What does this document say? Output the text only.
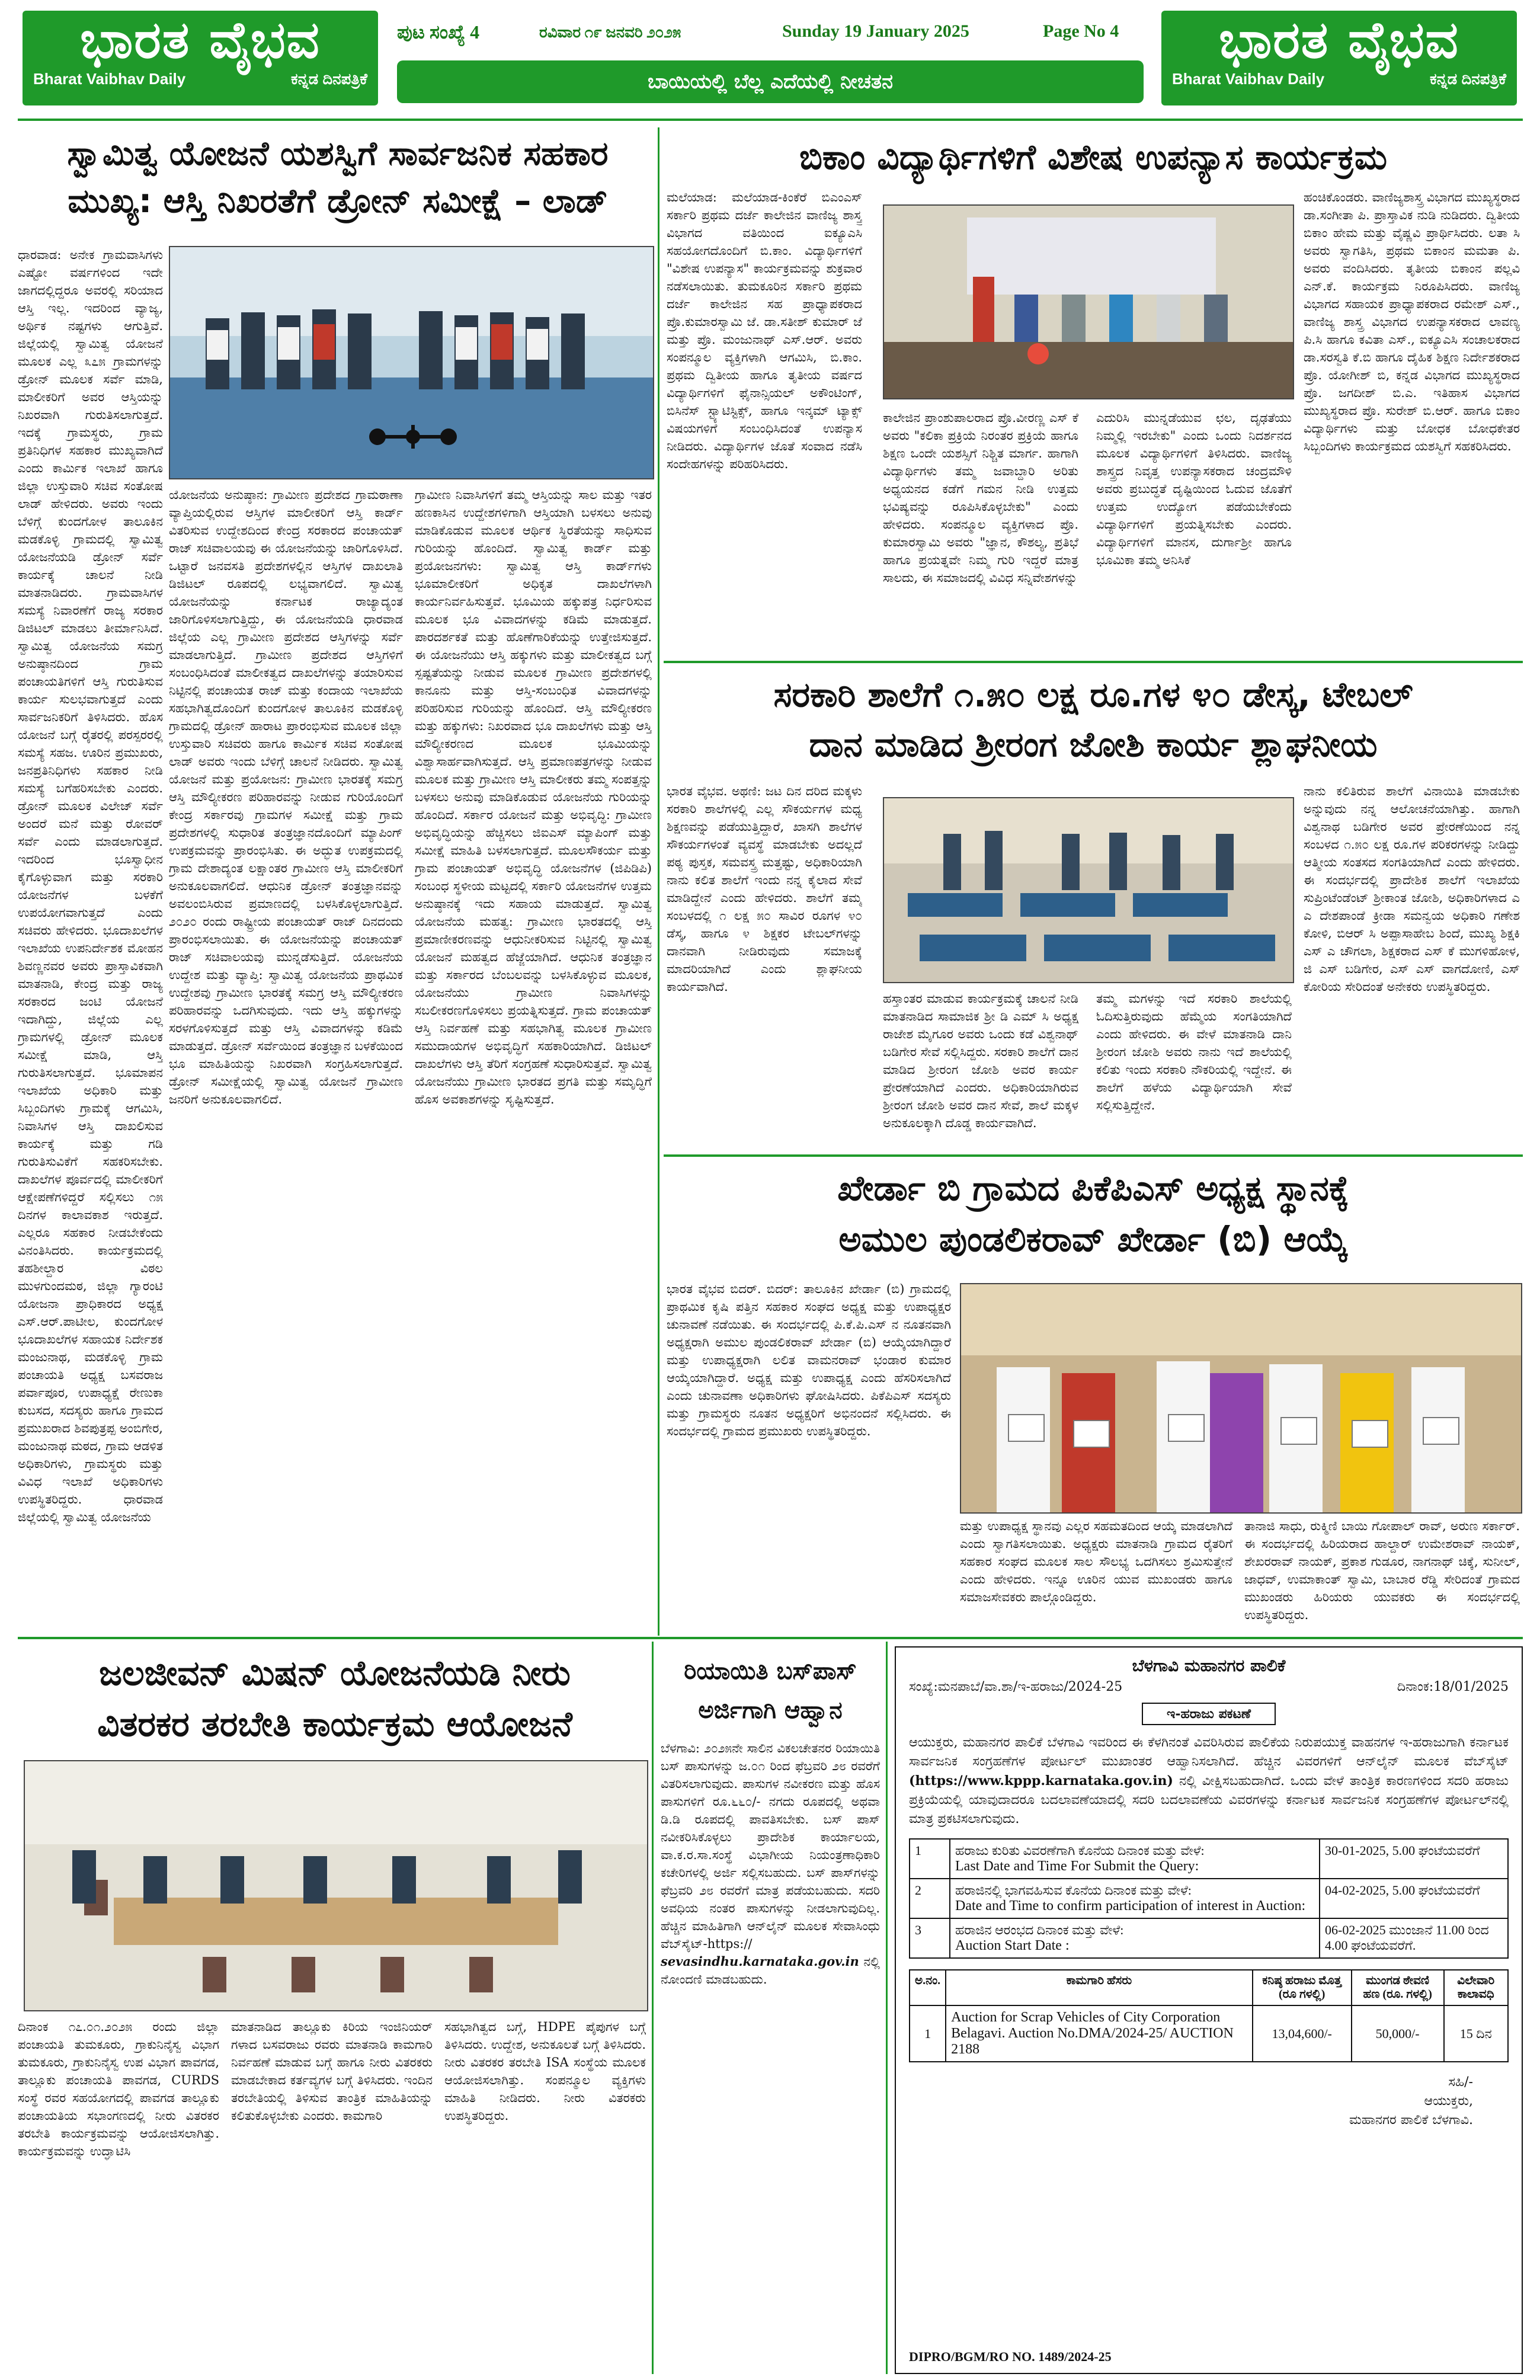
ಭಾರತ ವೈಭವ
Bharat Vaibhav Daily	ಕನ್ನಡ ದಿನಪತ್ರಿಕೆ
ಭಾರತ ವೈಭವ
Bharat Vaibhav Daily	ಕನ್ನಡ ದಿನಪತ್ರಿಕೆ
ಪುಟ ಸಂಖ್ಯೆ 4	ರವಿವಾರ ೧೯ ಜನವರಿ ೨೦೨೫	Sunday 19 January 2025	Page No 4
ಬಾಯಿಯಲ್ಲಿ ಬೆಲ್ಲ ಎದೆಯಲ್ಲಿ ನೀಚತನ
ಸ್ವಾಮಿತ್ವ ಯೋಜನೆ ಯಶಸ್ವಿಗೆ ಸಾರ್ವಜನಿಕ ಸಹಕಾರ
ಮುಖ್ಯ: ಆಸ್ತಿ ನಿಖರತೆಗೆ ಡ್ರೋನ್ ಸಮೀಕ್ಷೆ – ಲಾಡ್
ಧಾರವಾಡ: ಅನೇಕ ಗ್ರಾಮವಾಸಿಗಳು ಎಷ್ಟೋ ವರ್ಷಗಳಿಂದ ಇದೇ ಜಾಗದಲ್ಲಿದ್ದರೂ ಅವರಲ್ಲಿ ಸರಿಯಾದ ಆಸ್ತಿ ಇಲ್ಲ. ಇದರಿಂದ ವ್ಯಾಜ್ಯ, ಅರ್ಥಿಕ ನಷ್ಟಗಳು ಆಗುತ್ತಿವೆ. ಜಿಲ್ಲೆಯಲ್ಲಿ ಸ್ವಾಮಿತ್ವ ಯೋಜನೆ ಮೂಲಕ ಎಲ್ಲ ೩೭೫ ಗ್ರಾಮಗಳನ್ನು ಡ್ರೋನ್ ಮೂಲಕ ಸರ್ವೆ ಮಾಡಿ, ಮಾಲೀಕರಿಗೆ ಅವರ ಆಸ್ತಿಯನ್ನು ನಿಖರವಾಗಿ ಗುರುತಿಸಲಾಗುತ್ತದೆ. ಇದಕ್ಕೆ ಗ್ರಾಮಸ್ಥರು, ಗ್ರಾಮ ಪ್ರತಿನಿಧಿಗಳ ಸಹಕಾರ ಮುಖ್ಯವಾಗಿದೆ ಎಂದು ಕಾರ್ಮಿಕ ಇಲಾಖೆ ಹಾಗೂ ಜಿಲ್ಲಾ ಉಸ್ತುವಾರಿ ಸಚಿವ ಸಂತೋಷ ಲಾಡ್ ಹೇಳಿದರು. ಅವರು ಇಂದು ಬೆಳಿಗ್ಗೆ ಕುಂದಗೋಳ ತಾಲೂಕಿನ ಮಡಕೊಳ್ಳಿ ಗ್ರಾಮದಲ್ಲಿ ಸ್ವಾಮಿತ್ವ ಯೋಜನೆಯಡಿ ಡ್ರೋನ್ ಸರ್ವೆ ಕಾರ್ಯಕ್ಕೆ ಚಾಲನೆ ನೀಡಿ ಮಾತನಾಡಿದರು. ಗ್ರಾಮವಾಸಿಗಳ ಸಮಸ್ಯೆ ನಿವಾರಣೆಗೆ ರಾಜ್ಯ ಸರಕಾರ ಡಿಜಿಟಲ್ ಮಾಡಲು ತೀರ್ಮಾನಿಸಿದೆ. ಸ್ವಾಮಿತ್ವ ಯೋಜನೆಯ ಸಮಗ್ರ ಅನುಷ್ಠಾನದಿಂದ ಗ್ರಾಮ ಪಂಚಾಯತಿಗಳಿಗೆ ಆಸ್ತಿ ಗುರುತಿಸುವ ಕಾರ್ಯ ಸುಲಭವಾಗುತ್ತದೆ ಎಂದು ಸಾರ್ವಜನಿಕರಿಗೆ ತಿಳಿಸಿದರು. ಹೊಸ ಯೋಜನೆ ಬಗ್ಗೆ ರೈತರಲ್ಲಿ ಪರಸ್ಪರರಲ್ಲಿ ಸಮಸ್ಯೆ ಸಹಜ. ಊರಿನ ಪ್ರಮುಖರು, ಜನಪ್ರತಿನಿಧಿಗಳು ಸಹಕಾರ ನೀಡಿ ಸಮಸ್ಯೆ ಬಗೆಹರಿಸಬೇಕು ಎಂದರು. ಡ್ರೋನ್ ಮೂಲಕ ವಿಲೇಜ್ ಸರ್ವೆ ಅಂದರೆ ಮನೆ ಮತ್ತು ರೋವರ್ ಸರ್ವೆ ಎಂದು ಮಾಡಲಾಗುತ್ತದೆ. ಇದರಿಂದ ಭೂಸ್ವಾಧೀನ ಕೈಗೊಳ್ಳುವಾಗ ಮತ್ತು ಸರಕಾರಿ ಯೋಜನೆಗಳ ಬಳಕೆಗೆ ಉಪಯೋಗವಾಗುತ್ತದೆ ಎಂದು ಸಚಿವರು ಹೇಳಿದರು. ಭೂದಾಖಲೆಗಳ ಇಲಾಖೆಯ ಉಪನಿರ್ದೇಶಕ ಮೋಹನ ಶಿವಣ್ಣನವರ ಅವರು ಪ್ರಾಸ್ತಾವಿಕವಾಗಿ ಮಾತನಾಡಿ, ಕೇಂದ್ರ ಮತ್ತು ರಾಜ್ಯ ಸರಕಾರದ ಜಂಟಿ ಯೋಜನೆ ಇದಾಗಿದ್ದು, ಜಿಲ್ಲೆಯ ಎಲ್ಲ ಗ್ರಾಮಗಳಲ್ಲಿ ಡ್ರೋನ್ ಮೂಲಕ ಸಮೀಕ್ಷೆ ಮಾಡಿ, ಆಸ್ತಿ ಗುರುತಿಸಲಾಗುತ್ತದೆ. ಭೂಮಾಪನ ಇಲಾಖೆಯ ಅಧಿಕಾರಿ ಮತ್ತು ಸಿಬ್ಬಂದಿಗಳು ಗ್ರಾಮಕ್ಕೆ ಆಗಮಿಸಿ, ನಿವಾಸಿಗಳ ಆಸ್ತಿ ದಾಖಲಿಸುವ ಕಾರ್ಯಕ್ಕೆ ಮತ್ತು ಗಡಿ ಗುರುತಿಸುವಿಕೆಗೆ ಸಹಕರಿಸಬೇಕು. ದಾಖಲೆಗಳ ಪೂರ್ವದಲ್ಲಿ ಮಾಲೀಕರಿಗೆ ಆಕ್ಷೇಪಣೆಗಳಿದ್ದರೆ ಸಲ್ಲಿಸಲು ೧೫ ದಿನಗಳ ಕಾಲಾವಕಾಶ ಇರುತ್ತದೆ. ಎಲ್ಲರೂ ಸಹಕಾರ ನೀಡಬೇಕೆಂದು ವಿನಂತಿಸಿದರು. ಕಾರ್ಯಕ್ರಮದಲ್ಲಿ ತಹಶೀಲ್ದಾರ ವಿಠಲ ಮುಳಗುಂದಮಠ, ಜಿಲ್ಲಾ ಗ್ಯಾರಂಟಿ ಯೋಜನಾ ಪ್ರಾಧಿಕಾರದ ಅಧ್ಯಕ್ಷ ಎಸ್.ಆರ್.ಪಾಟೀಲ, ಕುಂದಗೋಳ ಭೂದಾಖಲೆಗಳ ಸಹಾಯಕ ನಿರ್ದೇಶಕ ಮಂಜುನಾಥ, ಮಡಕೊಳ್ಳಿ ಗ್ರಾಮ ಪಂಚಾಯತಿ ಅಧ್ಯಕ್ಷ ಬಸವರಾಜ ಪರ್ವಾಪೂರ, ಉಪಾಧ್ಯಕ್ಷೆ ರೇಣುಕಾ ಕುಬಸದ, ಸದಸ್ಯರು ಹಾಗೂ ಗ್ರಾಮದ ಪ್ರಮುಖರಾದ ಶಿವಪುತ್ರಪ್ಪ ಅಂಬಿಗೇರ, ಮಂಜುನಾಥ ಮಠದ, ಗ್ರಾಮ ಆಡಳಿತ ಅಧಿಕಾರಿಗಳು, ಗ್ರಾಮಸ್ಥರು ಮತ್ತು ವಿವಿಧ ಇಲಾಖೆ ಅಧಿಕಾರಿಗಳು ಉಪಸ್ಥಿತರಿದ್ದರು. ಧಾರವಾಡ ಜಿಲ್ಲೆಯಲ್ಲಿ ಸ್ವಾಮಿತ್ವ ಯೋಜನೆಯ
ಯೋಜನೆಯ ಅನುಷ್ಠಾನ: ಗ್ರಾಮೀಣ ಪ್ರದೇಶದ ಗ್ರಾಮಠಾಣಾ ವ್ಯಾಪ್ತಿಯಲ್ಲಿರುವ ಆಸ್ತಿಗಳ ಮಾಲೀಕರಿಗೆ ಆಸ್ತಿ ಕಾರ್ಡ್ ವಿತರಿಸುವ ಉದ್ದೇಶದಿಂದ ಕೇಂದ್ರ ಸರಕಾರದ ಪಂಚಾಯತ್ ರಾಜ್ ಸಚಿವಾಲಯವು ಈ ಯೋಜನೆಯನ್ನು ಜಾರಿಗೊಳಿಸಿದೆ. ಒಟ್ಟಾರೆ ಜನವಸತಿ ಪ್ರದೇಶಗಳಲ್ಲಿನ ಆಸ್ತಿಗಳ ದಾಖಲಾತಿ ಡಿಜಿಟಲ್ ರೂಪದಲ್ಲಿ ಲಭ್ಯವಾಗಲಿದೆ. ಸ್ವಾಮಿತ್ವ ಯೋಜನೆಯನ್ನು ಕರ್ನಾಟಕ ರಾಜ್ಯಾದ್ಯಂತ ಜಾರಿಗೊಳಿಸಲಾಗುತ್ತಿದ್ದು, ಈ ಯೋಜನೆಯಡಿ ಧಾರವಾಡ ಜಿಲ್ಲೆಯ ಎಲ್ಲ ಗ್ರಾಮೀಣ ಪ್ರದೇಶದ ಆಸ್ತಿಗಳನ್ನು ಸರ್ವೆ ಮಾಡಲಾಗುತ್ತಿದೆ. ಗ್ರಾಮೀಣ ಪ್ರದೇಶದ ಆಸ್ತಿಗಳಿಗೆ ಸಂಬಂಧಿಸಿದಂತೆ ಮಾಲೀಕತ್ವದ ದಾಖಲೆಗಳನ್ನು ತಯಾರಿಸುವ ನಿಟ್ಟಿನಲ್ಲಿ ಪಂಚಾಯತ ರಾಜ್ ಮತ್ತು ಕಂದಾಯ ಇಲಾಖೆಯ ಸಹಭಾಗಿತ್ವದೊಂದಿಗೆ ಕುಂದಗೋಳ ತಾಲೂಕಿನ ಮಡಕೊಳ್ಳಿ ಗ್ರಾಮದಲ್ಲಿ ಡ್ರೋನ್ ಹಾರಾಟ ಪ್ರಾರಂಭಿಸುವ ಮೂಲಕ ಜಿಲ್ಲಾ ಉಸ್ತುವಾರಿ ಸಚಿವರು ಹಾಗೂ ಕಾರ್ಮಿಕ ಸಚಿವ ಸಂತೋಷ ಲಾಡ್ ಅವರು ಇಂದು ಬೆಳಿಗ್ಗೆ ಚಾಲನೆ ನೀಡಿದರು. ಸ್ವಾಮಿತ್ವ ಯೋಜನೆ ಮತ್ತು ಪ್ರಯೋಜನ: ಗ್ರಾಮೀಣ ಭಾರತಕ್ಕೆ ಸಮಗ್ರ ಆಸ್ತಿ ಮೌಲ್ಯೀಕರಣ ಪರಿಹಾರವನ್ನು ನೀಡುವ ಗುರಿಯೊಂದಿಗೆ ಕೇಂದ್ರ ಸರ್ಕಾರವು ಗ್ರಾಮಗಳ ಸಮೀಕ್ಷೆ ಮತ್ತು ಗ್ರಾಮ ಪ್ರದೇಶಗಳಲ್ಲಿ ಸುಧಾರಿತ ತಂತ್ರಜ್ಞಾನದೊಂದಿಗೆ ಮ್ಯಾಪಿಂಗ್ ಉಪಕ್ರಮವನ್ನು ಪ್ರಾರಂಭಿಸಿತು. ಈ ಅದ್ಭುತ ಉಪಕ್ರಮದಲ್ಲಿ ಗ್ರಾಮ ದೇಶಾದ್ಯಂತ ಲಕ್ಷಾಂತರ ಗ್ರಾಮೀಣ ಆಸ್ತಿ ಮಾಲೀಕರಿಗೆ ಅನುಕೂಲವಾಗಲಿದೆ. ಆಧುನಿಕ ಡ್ರೋನ್ ತಂತ್ರಜ್ಞಾನವನ್ನು ಅವಲಂಬಿಸಿರುವ ಪ್ರಮಾಣದಲ್ಲಿ ಬಳಸಿಕೊಳ್ಳಲಾಗುತ್ತಿದೆ. ೨೦೨೦ ರಂದು ರಾಷ್ಟ್ರೀಯ ಪಂಚಾಯತ್ ರಾಜ್ ದಿನದಂದು ಪ್ರಾರಂಭಿಸಲಾಯಿತು. ಈ ಯೋಜನೆಯನ್ನು ಪಂಚಾಯತ್ ರಾಜ್ ಸಚಿವಾಲಯವು ಮುನ್ನಡೆಸುತ್ತಿದೆ. ಯೋಜನೆಯ ಉದ್ದೇಶ ಮತ್ತು ವ್ಯಾಪ್ತಿ: ಸ್ವಾಮಿತ್ವ ಯೋಜನೆಯ ಪ್ರಾಥಮಿಕ ಉದ್ದೇಶವು ಗ್ರಾಮೀಣ ಭಾರತಕ್ಕೆ ಸಮಗ್ರ ಆಸ್ತಿ ಮೌಲ್ಯೀಕರಣ ಪರಿಹಾರವನ್ನು ಒದಗಿಸುವುದು. ಇದು ಆಸ್ತಿ ಹಕ್ಕುಗಳನ್ನು ಸರಳಗೊಳಿಸುತ್ತದೆ ಮತ್ತು ಆಸ್ತಿ ವಿವಾದಗಳನ್ನು ಕಡಿಮೆ ಮಾಡುತ್ತದೆ. ಡ್ರೋನ್ ಸರ್ವೆಯಿಂದ ತಂತ್ರಜ್ಞಾನ ಬಳಕೆಯಿಂದ ಭೂ ಮಾಹಿತಿಯನ್ನು ನಿಖರವಾಗಿ ಸಂಗ್ರಹಿಸಲಾಗುತ್ತದೆ. ಡ್ರೋನ್ ಸಮೀಕ್ಷೆಯಲ್ಲಿ ಸ್ವಾಮಿತ್ವ ಯೋಜನೆ ಗ್ರಾಮೀಣ ಜನರಿಗೆ ಅನುಕೂಲವಾಗಲಿದೆ.
ಗ್ರಾಮೀಣ ನಿವಾಸಿಗಳಿಗೆ ತಮ್ಮ ಆಸ್ತಿಯನ್ನು ಸಾಲ ಮತ್ತು ಇತರ ಹಣಕಾಸಿನ ಉದ್ದೇಶಗಳಿಗಾಗಿ ಆಸ್ತಿಯಾಗಿ ಬಳಸಲು ಅನುವು ಮಾಡಿಕೊಡುವ ಮೂಲಕ ಆರ್ಥಿಕ ಸ್ಥಿರತೆಯನ್ನು ಸಾಧಿಸುವ ಗುರಿಯನ್ನು ಹೊಂದಿದೆ. ಸ್ವಾಮಿತ್ವ ಕಾರ್ಡ್ ಮತ್ತು ಪ್ರಯೋಜನಗಳು: ಸ್ವಾಮಿತ್ವ ಆಸ್ತಿ ಕಾರ್ಡ್‌ಗಳು ಭೂಮಾಲೀಕರಿಗೆ ಅಧಿಕೃತ ದಾಖಲೆಗಳಾಗಿ ಕಾರ್ಯನಿರ್ವಹಿಸುತ್ತವೆ. ಭೂಮಿಯ ಹಕ್ಕುಪತ್ರ ನಿರ್ಧರಿಸುವ ಮೂಲಕ ಭೂ ವಿವಾದಗಳನ್ನು ಕಡಿಮೆ ಮಾಡುತ್ತದೆ. ಪಾರದರ್ಶಕತೆ ಮತ್ತು ಹೊಣೆಗಾರಿಕೆಯನ್ನು ಉತ್ತೇಜಿಸುತ್ತದೆ. ಈ ಯೋಜನೆಯು ಆಸ್ತಿ ಹಕ್ಕುಗಳು ಮತ್ತು ಮಾಲೀಕತ್ವದ ಬಗ್ಗೆ ಸ್ಪಷ್ಟತೆಯನ್ನು ನೀಡುವ ಮೂಲಕ ಗ್ರಾಮೀಣ ಪ್ರದೇಶಗಳಲ್ಲಿ ಕಾನೂನು ಮತ್ತು ಆಸ್ತಿ-ಸಂಬಂಧಿತ ವಿವಾದಗಳನ್ನು ಪರಿಹರಿಸುವ ಗುರಿಯನ್ನು ಹೊಂದಿದೆ. ಆಸ್ತಿ ಮೌಲ್ಯೀಕರಣ ಮತ್ತು ಹಕ್ಕುಗಳು: ನಿಖರವಾದ ಭೂ ದಾಖಲೆಗಳು ಮತ್ತು ಆಸ್ತಿ ಮೌಲ್ಯೀಕರಣದ ಮೂಲಕ ಭೂಮಿಯನ್ನು ವಿಶ್ವಾಸಾರ್ಹವಾಗಿಸುತ್ತದೆ. ಆಸ್ತಿ ಪ್ರಮಾಣಪತ್ರಗಳನ್ನು ನೀಡುವ ಮೂಲಕ ಮತ್ತು ಗ್ರಾಮೀಣ ಆಸ್ತಿ ಮಾಲೀಕರು ತಮ್ಮ ಸಂಪತ್ತನ್ನು ಬಳಸಲು ಅನುವು ಮಾಡಿಕೊಡುವ ಯೋಜನೆಯ ಗುರಿಯನ್ನು ಹೊಂದಿದೆ. ಸರ್ಕಾರ ಯೋಜನೆ ಮತ್ತು ಅಭಿವೃದ್ಧಿ: ಗ್ರಾಮೀಣ ಅಭಿವೃದ್ಧಿಯನ್ನು ಹೆಚ್ಚಿಸಲು ಜಿಐಎಸ್ ಮ್ಯಾಪಿಂಗ್ ಮತ್ತು ಸಮೀಕ್ಷೆ ಮಾಹಿತಿ ಬಳಸಲಾಗುತ್ತದೆ. ಮೂಲಸೌಕರ್ಯ ಮತ್ತು ಗ್ರಾಮ ಪಂಚಾಯತ್ ಅಭಿವೃದ್ಧಿ ಯೋಜನೆಗಳ (ಜಿಪಿಡಿಪಿ) ಸಂಬಂಧ ಸ್ಥಳೀಯ ಮಟ್ಟದಲ್ಲಿ ಸರ್ಕಾರಿ ಯೋಜನೆಗಳ ಉತ್ತಮ ಅನುಷ್ಠಾನಕ್ಕೆ ಇದು ಸಹಾಯ ಮಾಡುತ್ತದೆ. ಸ್ವಾಮಿತ್ವ ಯೋಜನೆಯ ಮಹತ್ವ: ಗ್ರಾಮೀಣ ಭಾರತದಲ್ಲಿ ಆಸ್ತಿ ಪ್ರಮಾಣೀಕರಣವನ್ನು ಆಧುನೀಕರಿಸುವ ನಿಟ್ಟಿನಲ್ಲಿ ಸ್ವಾಮಿತ್ವ ಯೋಜನೆ ಮಹತ್ವದ ಹೆಜ್ಜೆಯಾಗಿದೆ. ಆಧುನಿಕ ತಂತ್ರಜ್ಞಾನ ಮತ್ತು ಸರ್ಕಾರದ ಬೆಂಬಲವನ್ನು ಬಳಸಿಕೊಳ್ಳುವ ಮೂಲಕ, ಯೋಜನೆಯು ಗ್ರಾಮೀಣ ನಿವಾಸಿಗಳನ್ನು ಸಬಲೀಕರಣಗೊಳಿಸಲು ಪ್ರಯತ್ನಿಸುತ್ತದೆ. ಗ್ರಾಮ ಪಂಚಾಯತ್ ಆಸ್ತಿ ನಿರ್ವಹಣೆ ಮತ್ತು ಸಹಭಾಗಿತ್ವ ಮೂಲಕ ಗ್ರಾಮೀಣ ಸಮುದಾಯಗಳ ಅಭಿವೃದ್ಧಿಗೆ ಸಹಕಾರಿಯಾಗಿದೆ. ಡಿಜಿಟಲ್ ದಾಖಲೆಗಳು ಆಸ್ತಿ ತೆರಿಗೆ ಸಂಗ್ರಹಣೆ ಸುಧಾರಿಸುತ್ತವೆ. ಸ್ವಾಮಿತ್ವ ಯೋಜನೆಯು ಗ್ರಾಮೀಣ ಭಾರತದ ಪ್ರಗತಿ ಮತ್ತು ಸಮೃದ್ಧಿಗೆ ಹೊಸ ಅವಕಾಶಗಳನ್ನು ಸೃಷ್ಟಿಸುತ್ತದೆ.
ಬಿಕಾಂ ವಿದ್ಯಾರ್ಥಿಗಳಿಗೆ ವಿಶೇಷ ಉಪನ್ಯಾಸ ಕಾರ್ಯಕ್ರಮ
ಮಲೆಯಾಡ: ಮಲೆಯಾಡ-ಕಿಂಕೆರೆ ಬಿಎಂಎಸ್ ಸರ್ಕಾರಿ ಪ್ರಥಮ ದರ್ಜೆ ಕಾಲೇಜಿನ ವಾಣಿಜ್ಯ ಶಾಸ್ತ್ರ ವಿಭಾಗದ ವತಿಯಿಂದ ಐಕ್ಯೂಎಸಿ ಸಹಯೋಗದೊಂದಿಗೆ ಬಿ.ಕಾಂ. ವಿದ್ಯಾರ್ಥಿಗಳಿಗೆ "ವಿಶೇಷ ಉಪನ್ಯಾಸ" ಕಾರ್ಯಕ್ರಮವನ್ನು ಶುಕ್ರವಾರ ನಡೆಸಲಾಯಿತು. ತುಮಕೂರಿನ ಸರ್ಕಾರಿ ಪ್ರಥಮ ದರ್ಜೆ ಕಾಲೇಜಿನ ಸಹ ಪ್ರಾಧ್ಯಾಪಕರಾದ ಪ್ರೊ.ಕುಮಾರಸ್ವಾಮಿ ಜೆ. ಡಾ.ಸತೀಶ್ ಕುಮಾರ್ ಜೆ ಮತ್ತು ಪ್ರೊ. ಮಂಜುನಾಥ್ ಎಸ್.ಆರ್. ಅವರು ಸಂಪನ್ಮೂಲ ವ್ಯಕ್ತಿಗಳಾಗಿ ಆಗಮಿಸಿ, ಬಿ.ಕಾಂ. ಪ್ರಥಮ ದ್ವಿತೀಯ ಹಾಗೂ ತೃತೀಯ ವರ್ಷದ ವಿದ್ಯಾರ್ಥಿಗಳಿಗೆ ಫೈನಾನ್ಸಿಯಲ್ ಅಕೌಂಟಿಂಗ್, ಬಿಸಿನೆಸ್ ಸ್ಟ್ಯಾಟಿಸ್ಟಿಕ್ಸ್, ಹಾಗೂ ಇನ್ಕಮ್ ಟ್ಯಾಕ್ಸ್ ವಿಷಯಗಳಿಗೆ ಸಂಬಂಧಿಸಿದಂತೆ ಉಪನ್ಯಾಸ ನೀಡಿದರು. ವಿದ್ಯಾರ್ಥಿಗಳ ಜೊತೆ ಸಂವಾದ ನಡೆಸಿ ಸಂದೇಹಗಳನ್ನು ಪರಿಹರಿಸಿದರು.
ಕಾಲೇಜಿನ ಪ್ರಾಂಶುಪಾಲರಾದ ಪ್ರೊ.ವೀರಣ್ಣ ಎಸ್ ಕೆ ಅವರು "ಕಲಿಕಾ ಪ್ರಕ್ರಿಯೆ ನಿರಂತರ ಪ್ರಕ್ರಿಯೆ ಹಾಗೂ ಶಿಕ್ಷಣ ಒಂದೇ ಯಶಸ್ಸಿಗೆ ನಿಶ್ಚಿತ ಮಾರ್ಗ. ಹಾಗಾಗಿ ವಿದ್ಯಾರ್ಥಿಗಳು ತಮ್ಮ ಜವಾಬ್ದಾರಿ ಅರಿತು ಅಧ್ಯಯನದ ಕಡೆಗೆ ಗಮನ ನೀಡಿ ಉತ್ತಮ ಭವಿಷ್ಯವನ್ನು ರೂಪಿಸಿಕೊಳ್ಳಬೇಕು" ಎಂದು ಹೇಳಿದರು. ಸಂಪನ್ಮೂಲ ವ್ಯಕ್ತಿಗಳಾದ ಪ್ರೊ. ಕುಮಾರಸ್ವಾಮಿ ಅವರು "ಜ್ಞಾನ, ಕೌಶಲ್ಯ, ಪ್ರತಿಭೆ ಹಾಗೂ ಪ್ರಯತ್ನವೇ ನಿಮ್ಮ ಗುರಿ ಇದ್ದರೆ ಮಾತ್ರ ಸಾಲದು, ಈ ಸಮಾಜದಲ್ಲಿ ವಿವಿಧ ಸನ್ನಿವೇಶಗಳನ್ನು
ಎದುರಿಸಿ ಮುನ್ನಡೆಯುವ ಛಲ, ದೃಢತೆಯು ನಿಮ್ಮಲ್ಲಿ ಇರಬೇಕು" ಎಂದು ಒಂದು ನಿದರ್ಶನದ ಮೂಲಕ ವಿದ್ಯಾರ್ಥಿಗಳಿಗೆ ತಿಳಿಸಿದರು. ವಾಣಿಜ್ಯ ಶಾಸ್ತ್ರದ ನಿವೃತ್ತ ಉಪನ್ಯಾಸಕರಾದ ಚಂದ್ರಮೌಳಿ ಅವರು ಪ್ರಬುದ್ಧತೆ ದೃಷ್ಟಿಯಿಂದ ಓದುವ ಜೊತೆಗೆ ಉತ್ತಮ ಉದ್ಯೋಗ ಪಡೆಯಬೇಕೆಂದು ವಿದ್ಯಾರ್ಥಿಗಳಿಗೆ ಪ್ರಯತ್ನಿಸಬೇಕು ಎಂದರು. ವಿದ್ಯಾರ್ಥಿಗಳಿಗೆ ಮಾನಸ, ದುರ್ಗಾಶ್ರೀ ಹಾಗೂ ಭೂಮಿಕಾ ತಮ್ಮ ಅನಿಸಿಕೆ
ಹಂಚಿಕೊಂಡರು. ವಾಣಿಜ್ಯಶಾಸ್ತ್ರ ವಿಭಾಗದ ಮುಖ್ಯಸ್ಥರಾದ ಡಾ.ಸಂಗೀತಾ ಪಿ. ಪ್ರಾಸ್ತಾವಿಕ ನುಡಿ ನುಡಿದರು. ದ್ವಿತೀಯ ಬಿಕಾಂ ಹೇಮ ಮತ್ತು ವೈಷ್ಣವಿ ಪ್ರಾರ್ಥಿಸಿದರು. ಲತಾ ಸಿ ಅವರು ಸ್ವಾಗತಿಸಿ, ಪ್ರಥಮ ಬಿಕಾಂನ ಮಮತಾ ಪಿ. ಅವರು ವಂದಿಸಿದರು. ತೃತೀಯ ಬಿಕಾಂನ ಪಲ್ಲವಿ ಎನ್.ಕೆ. ಕಾರ್ಯಕ್ರಮ ನಿರೂಪಿಸಿದರು. ವಾಣಿಜ್ಯ ವಿಭಾಗದ ಸಹಾಯಕ ಪ್ರಾಧ್ಯಾಪಕರಾದ ರಮೇಶ್ ಎಸ್., ವಾಣಿಜ್ಯ ಶಾಸ್ತ್ರ ವಿಭಾಗದ ಉಪನ್ಯಾಸಕರಾದ ಲಾವಣ್ಯ ಪಿ.ಸಿ ಹಾಗೂ ಕವಿತಾ ಎಸ್., ಐಕ್ಯೂಎಸಿ ಸಂಚಾಲಕರಾದ ಡಾ.ಸರಸ್ವತಿ ಕೆ.ಬಿ ಹಾಗೂ ದೈಹಿಕ ಶಿಕ್ಷಣ ನಿರ್ದೇಶಕರಾದ ಪ್ರೊ. ಯೋಗೀಶ್ ಬಿ, ಕನ್ನಡ ವಿಭಾಗದ ಮುಖ್ಯಸ್ಥರಾದ ಪ್ರೊ. ಜಗದೀಶ್ ಬಿ.ಎ. ಇತಿಹಾಸ ವಿಭಾಗದ ಮುಖ್ಯಸ್ಥರಾದ ಪ್ರೊ. ಸುರೇಶ್ ಬಿ.ಆರ್. ಹಾಗೂ ಬಿಕಾಂ ವಿದ್ಯಾರ್ಥಿಗಳು ಮತ್ತು ಬೋಧಕ ಬೋಧಕೇತರ ಸಿಬ್ಬಂದಿಗಳು ಕಾರ್ಯಕ್ರಮದ ಯಶಸ್ವಿಗೆ ಸಹಕರಿಸಿದರು.
ಸರಕಾರಿ ಶಾಲೆಗೆ ೧.೫೦ ಲಕ್ಷ ರೂ.ಗಳ ೪೦ ಡೇಸ್ಕ, ಟೇಬಲ್
ದಾನ ಮಾಡಿದ ಶ್ರೀರಂಗ ಜೋಶಿ ಕಾರ್ಯ ಶ್ಲಾಘನೀಯ
ಭಾರತ ವೈಭವ. ಅಥಣಿ: ಜಟ ದಿನ ದರಿದ ಮಕ್ಕಳು ಸರಕಾರಿ ಶಾಲೆಗಳಲ್ಲಿ ಎಲ್ಲ ಸೌಕರ್ಯಗಳ ಮಧ್ಯ ಶಿಕ್ಷಣವನ್ನು ಪಡೆಯುತ್ತಿದ್ದಾರೆ, ಖಾಸಗಿ ಶಾಲೆಗಳ ಸೌಕರ್ಯಗಳಂತೆ ವ್ಯವಸ್ಥೆ ಮಾಡಬೇಕು ಅದಲ್ಲದೆ ಪಠ್ಯ ಪುಸ್ತಕ, ಸಮವಸ್ತ್ರ ಮತ್ತಷ್ಟು, ಅಧಿಕಾರಿಯಾಗಿ ನಾನು ಕಲಿತ ಶಾಲೆಗೆ ಇಂದು ನನ್ನ ಕೈಲಾದ ಸೇವೆ ಮಾಡಿದ್ದೇನೆ ಎಂದು ಹೇಳಿದರು. ಶಾಲೆಗೆ ತಮ್ಮ ಸಂಬಳದಲ್ಲಿ ೧ ಲಕ್ಷ ೫೦ ಸಾವಿರ ರೂಗಳ ೪೦ ಡೆಸ್ಕ, ಹಾಗೂ ೪ ಶಿಕ್ಷಕರ ಟೇಬಲ್‌ಗಳನ್ನು ದಾನವಾಗಿ ನೀಡಿರುವುದು ಸಮಾಜಕ್ಕೆ ಮಾದರಿಯಾಗಿದೆ ಎಂದು ಶ್ಲಾಘನೀಯ ಕಾರ್ಯವಾಗಿದೆ.
ಹಸ್ತಾಂತರ ಮಾಡುವ ಕಾರ್ಯಕ್ರಮಕ್ಕೆ ಚಾಲನೆ ನೀಡಿ ಮಾತನಾಡಿದ ಸಾಮಾಜಿಕ ಶ್ರೀ ಡಿ ಎಮ್ ಸಿ ಅಧ್ಯಕ್ಷ ರಾಜೇಶ ಮೈಗೂರ ಅವರು ಒಂದು ಕಡೆ ವಿಶ್ವನಾಥ್ ಬಡಿಗೇರ ಸೇವೆ ಸಲ್ಲಿಸಿದ್ದರು. ಸರಕಾರಿ ಶಾಲೆಗೆ ದಾನ ಮಾಡಿದ ಶ್ರೀರಂಗ ಜೋಶಿ ಅವರ ಕಾರ್ಯ ಪ್ರೇರಣೆಯಾಗಿದೆ ಎಂದರು. ಅಧಿಕಾರಿಯಾಗಿರುವ ಶ್ರೀರಂಗ ಜೋಶಿ ಅವರ ದಾನ ಸೇವೆ, ಶಾಲೆ ಮಕ್ಕಳ ಅನುಕೂಲಕ್ಕಾಗಿ ದೊಡ್ಡ ಕಾರ್ಯವಾಗಿದೆ.
ತಮ್ಮ ಮಗಳನ್ನು ಇದೆ ಸರಕಾರಿ ಶಾಲೆಯಲ್ಲಿ ಓದಿಸುತ್ತಿರುವುದು ಹೆಮ್ಮೆಯ ಸಂಗತಿಯಾಗಿದೆ ಎಂದು ಹೇಳಿದರು. ಈ ವೇಳೆ ಮಾತನಾಡಿ ದಾನಿ ಶ್ರೀರಂಗ ಜೋಶಿ ಅವರು ನಾನು ಇದೆ ಶಾಲೆಯಲ್ಲಿ ಕಲಿತು ಇಂದು ಸರಕಾರಿ ನೌಕರಿಯಲ್ಲಿ ಇದ್ದೇನೆ. ಈ ಶಾಲೆಗೆ ಹಳೆಯ ವಿದ್ಯಾರ್ಥಿಯಾಗಿ ಸೇವೆ ಸಲ್ಲಿಸುತ್ತಿದ್ದೇನೆ.
ನಾನು ಕಲಿತಿರುವ ಶಾಲೆಗೆ ವಿನಾಯಿತಿ ಮಾಡಬೇಕು ಅನ್ನುವುದು ನನ್ನ ಆಲೋಚನೆಯಾಗಿತ್ತು. ಹಾಗಾಗಿ ವಿಶ್ವನಾಥ ಬಡಿಗೇರ ಅವರ ಪ್ರೇರಣೆಯಿಂದ ನನ್ನ ಸಂಬಳದ ೧.೫೦ ಲಕ್ಷ ರೂ.ಗಳ ಪರಿಕರಗಳನ್ನು ನೀಡಿದ್ದು ಆತ್ಮೀಯ ಸಂತಸದ ಸಂಗತಿಯಾಗಿದೆ ಎಂದು ಹೇಳಿದರು. ಈ ಸಂದರ್ಭದಲ್ಲಿ ಪ್ರಾದೇಶಿಕ ಶಾಲೆಗೆ ಇಲಾಖೆಯ ಸುಪ್ರಿಂಟೆಂಡೆಂಟ್ ಶ್ರೀಕಾಂತ ಜೋಶಿ, ಅಧಿಕಾರಿಗಳಾದ ಎ ಎ ದೇಶಪಾಂಡೆ ಕ್ರೀಡಾ ಸಮನ್ವಯ ಅಧಿಕಾರಿ ಗಣೇಶ ಕೋಳಿ, ಬಿಆರ್ ಸಿ ಅಪ್ಪಾಸಾಹೇಬ ಶಿಂದೆ, ಮುಖ್ಯ ಶಿಕ್ಷಕಿ ಎಸ್ ಎ ಚೌಗಲಾ, ಶಿಕ್ಷಕರಾದ ಎಸ್ ಕೆ ಮುಗಳಿಹೋಳ, ಜಿ ಎಸ್ ಬಡಿಗೇರ, ಎಸ್ ಎಸ್ ವಾಗದೋಣಿ, ಎಸ್ ಕೋರಿಯ ಸೇರಿದಂತೆ ಅನೇಕರು ಉಪಸ್ಥಿತರಿದ್ದರು.
ಖೇರ್ಡಾ ಬಿ ಗ್ರಾಮದ ಪಿಕೆಪಿಎಸ್ ಅಧ್ಯಕ್ಷ ಸ್ಥಾನಕ್ಕೆ
ಅಮುಲ ಪುಂಡಲಿಕರಾವ್ ಖೇರ್ಡಾ (ಬಿ) ಆಯ್ಕೆ
ಭಾರತ ವೈಭವ ಬಿದರ್. ಬಿದರ್: ತಾಲೂಕಿನ ಖೇರ್ಡಾ (ಬಿ) ಗ್ರಾಮದಲ್ಲಿ ಪ್ರಾಥಮಿಕ ಕೃಷಿ ಪತ್ತಿನ ಸಹಕಾರ ಸಂಘದ ಅಧ್ಯಕ್ಷ ಮತ್ತು ಉಪಾಧ್ಯಕ್ಷರ ಚುನಾವಣೆ ನಡೆಯಿತು. ಈ ಸಂದರ್ಭದಲ್ಲಿ ಪಿ.ಕೆ.ಪಿ.ಎಸ್ ನ ನೂತನವಾಗಿ ಅಧ್ಯಕ್ಷರಾಗಿ ಅಮುಲ ಪುಂಡಲಿಕರಾವ್ ಖೇರ್ಡಾ (ಬಿ) ಆಯ್ಕೆಯಾಗಿದ್ದಾರೆ ಮತ್ತು ಉಪಾಧ್ಯಕ್ಷರಾಗಿ ಲಲಿತ ವಾಮನರಾವ್ ಭಂಡಾರ ಕುಮಾರ ಆಯ್ಕೆಯಾಗಿದ್ದಾರೆ. ಅಧ್ಯಕ್ಷ ಮತ್ತು ಉಪಾಧ್ಯಕ್ಷ ಎಂದು ಹೆಸರಿಸಲಾಗಿದೆ ಎಂದು ಚುನಾವಣಾ ಅಧಿಕಾರಿಗಳು ಘೋಷಿಸಿದರು. ಪಿಕೆಪಿಎಸ್ ಸದಸ್ಯರು ಮತ್ತು ಗ್ರಾಮಸ್ಥರು ನೂತನ ಅಧ್ಯಕ್ಷರಿಗೆ ಅಭಿನಂದನೆ ಸಲ್ಲಿಸಿದರು. ಈ ಸಂದರ್ಭದಲ್ಲಿ ಗ್ರಾಮದ ಪ್ರಮುಖರು ಉಪಸ್ಥಿತರಿದ್ದರು.
ಮತ್ತು ಉಪಾಧ್ಯಕ್ಷ ಸ್ಥಾನವು ಎಲ್ಲರ ಸಹಮತದಿಂದ ಆಯ್ಕೆ ಮಾಡಲಾಗಿದೆ ಎಂದು ಸ್ವಾಗತಿಸಲಾಯಿತು. ಅಧ್ಯಕ್ಷರು ಮಾತನಾಡಿ ಗ್ರಾಮದ ರೈತರಿಗೆ ಸಹಕಾರ ಸಂಘದ ಮೂಲಕ ಸಾಲ ಸೌಲಭ್ಯ ಒದಗಿಸಲು ಶ್ರಮಿಸುತ್ತೇನೆ ಎಂದು ಹೇಳಿದರು. ಇನ್ನೂ ಊರಿನ ಯುವ ಮುಖಂಡರು ಹಾಗೂ ಸಮಾಜಸೇವಕರು ಪಾಲ್ಗೊಂಡಿದ್ದರು.
ತಾನಾಜಿ ಸಾಧು, ರುಕ್ಮಿಣಿ ಬಾಯಿ ಗೋಪಾಲ್ ರಾವ್, ಅರುಣ ಸರ್ಕಾರ್. ಈ ಸಂದರ್ಭದಲ್ಲಿ ಹಿರಿಯರಾದ ಹಾಲ್ದಾರ್ ಉಮೇಶರಾವ್ ನಾಯಕ್, ಶೇಖರರಾವ್ ನಾಯಕ್, ಪ್ರಕಾಶ ಗುಡೂರ, ನಾಗನಾಥ್ ಚಿಕ್ಕೆ, ಸುನೀಲ್, ಜಾಧವ್, ಉಮಾಕಾಂತ್ ಸ್ವಾಮಿ, ಬಾಬಾರ ರೆಡ್ಡಿ ಸೇರಿದಂತೆ ಗ್ರಾಮದ ಮುಖಂಡರು ಹಿರಿಯರು ಯುವಕರು ಈ ಸಂದರ್ಭದಲ್ಲಿ ಉಪಸ್ಥಿತರಿದ್ದರು.
ಜಲಜೀವನ್ ಮಿಷನ್ ಯೋಜನೆಯಡಿ ನೀರು
ವಿತರಕರ ತರಬೇತಿ ಕಾರ್ಯಕ್ರಮ ಆಯೋಜನೆ
ದಿನಾಂಕ ೧೭.೦೧.೨೦೨೫ ರಂದು ಜಿಲ್ಲಾ ಪಂಚಾಯತಿ ತುಮಕೂರು, ಗ್ರಾಕುನಿನೈಸ್ವ ವಿಭಾಗ ತುಮಕೂರು, ಗ್ರಾಕುನಿನೈಸ್ವ ಉಪ ವಿಭಾಗ ಪಾವಗಡ, ತಾಲ್ಲೂಕು ಪಂಚಾಯತಿ ಪಾವಗಡ, CURDS ಸಂಸ್ಥೆ ರವರ ಸಹಯೋಗದಲ್ಲಿ ಪಾವಗಡ ತಾಲ್ಲೂಕು ಪಂಚಾಯತಿಯ ಸಭಾಂಗಣದಲ್ಲಿ ನೀರು ವಿತರಕರ ತರಬೇತಿ ಕಾರ್ಯಕ್ರಮವನ್ನು ಆಯೋಜಿಸಲಾಗಿತ್ತು. ಕಾರ್ಯಕ್ರಮವನ್ನು ಉದ್ಘಾಟಿಸಿ
ಮಾತನಾಡಿದ ತಾಲ್ಲೂಕು ಕಿರಿಯ ಇಂಜಿನಿಯರ್ ಗಳಾದ ಬಸವರಾಜು ರವರು ಮಾತನಾಡಿ ಕಾಮಗಾರಿ ನಿರ್ವಹಣೆ ಮಾಡುವ ಬಗ್ಗೆ ಹಾಗೂ ನೀರು ವಿತರಕರು ಮಾಡಬೇಕಾದ ಕರ್ತವ್ಯಗಳ ಬಗ್ಗೆ ತಿಳಿಸಿದರು. ಇಂದಿನ ತರಬೇತಿಯಲ್ಲಿ ತಿಳಿಸುವ ತಾಂತ್ರಿಕ ಮಾಹಿತಿಯನ್ನು ಕಲಿತುಕೊಳ್ಳಬೇಕು ಎಂದರು. ಕಾಮಗಾರಿ
ಸಹಭಾಗಿತ್ವದ ಬಗ್ಗೆ, HDPE ಪೈಪುಗಳ ಬಗ್ಗೆ ತಿಳಿಸಿದರು. ಉದ್ದೇಶ, ಅನುಕೂಲತೆ ಬಗ್ಗೆ ತಿಳಿಸಿದರು. ನೀರು ವಿತರಕರ ತರಬೇತಿ ISA ಸಂಸ್ಥೆಯ ಮೂಲಕ ಆಯೋಜಿಸಲಾಗಿತ್ತು. ಸಂಪನ್ಮೂಲ ವ್ಯಕ್ತಿಗಳು ಮಾಹಿತಿ ನೀಡಿದರು. ನೀರು ವಿತರಕರು ಉಪಸ್ಥಿತರಿದ್ದರು.
ರಿಯಾಯಿತಿ ಬಸ್‌ಪಾಸ್
ಅರ್ಜಿಗಾಗಿ ಆಹ್ವಾನ
ಬೆಳಗಾವಿ: ೨೦೨೫ನೇ ಸಾಲಿನ ವಿಕಲಚೇತನರ ರಿಯಾಯಿತಿ ಬಸ್ ಪಾಸುಗಳನ್ನು ಜ.೦೧ ರಿಂದ ಫೆಬ್ರವರಿ ೨೮ ರವರೆಗೆ ವಿತರಿಸಲಾಗುವುದು. ಪಾಸುಗಳ ನವೀಕರಣ ಮತ್ತು ಹೊಸ ಪಾಸುಗಳಿಗೆ ರೂ.೬೬೦/- ನಗದು ರೂಪದಲ್ಲಿ ಅಥವಾ ಡಿ.ಡಿ ರೂಪದಲ್ಲಿ ಪಾವತಿಸಬೇಕು. ಬಸ್ ಪಾಸ್ ನವೀಕರಿಸಿಕೊಳ್ಳಲು ಪ್ರಾದೇಶಿಕ ಕಾರ್ಯಾಲಯ, ವಾ.ಕ.ರ.ಸಾ.ಸಂಸ್ಥೆ ವಿಭಾಗೀಯ ನಿಯಂತ್ರಣಾಧಿಕಾರಿ ಕಚೇರಿಗಳಲ್ಲಿ ಅರ್ಜಿ ಸಲ್ಲಿಸಬಹುದು. ಬಸ್ ಪಾಸ್‌ಗಳನ್ನು ಫೆಬ್ರವರಿ ೨೮ ರವರೆಗೆ ಮಾತ್ರ ಪಡೆಯಬಹುದು. ಸದರಿ ಅವಧಿಯ ನಂತರ ಪಾಸುಗಳನ್ನು ನೀಡಲಾಗುವುದಿಲ್ಲ. ಹೆಚ್ಚಿನ ಮಾಹಿತಿಗಾಗಿ ಆನ್‌ಲೈನ್ ಮೂಲಕ ಸೇವಾಸಿಂಧು ವೆಬ್‌ಸೈಟ್-https:// sevasindhu.karnataka.gov.in ನಲ್ಲಿ ನೋಂದಣಿ ಮಾಡಬಹುದು.
ಬೆಳಗಾವಿ ಮಹಾನಗರ ಪಾಲಿಕೆ
ಸಂಖ್ಯೆ:ಮನಪಾಬೆ/ವಾ.ಶಾ/ಇ-ಹರಾಜು/2024-25	ದಿನಾಂಕ:18/01/2025
ಇ-ಹರಾಜು ಪಕಟಣೆ
ಆಯುಕ್ತರು, ಮಹಾನಗರ ಪಾಲಿಕೆ ಬೆಳಗಾವಿ ಇವರಿಂದ ಈ ಕೆಳಗಿನಂತೆ ವಿವರಿಸಿರುವ ಪಾಲಿಕೆಯ ನಿರುಪಯುಕ್ತ ವಾಹನಗಳ ಇ-ಹರಾಜುಗಾಗಿ ಕರ್ನಾಟಕ ಸಾರ್ವಜನಿಕ ಸಂಗ್ರಹಣೆಗಳ ಪೋರ್ಟಲ್ ಮುಖಾಂತರ ಆಹ್ವಾನಿಸಲಾಗಿದೆ. ಹೆಚ್ಚಿನ ವಿವರಗಳಿಗೆ ಆನ್‌ಲೈನ್ ಮೂಲಕ ವೆಬ್‌ಸೈಟ್ (https://www.kppp.karnataka.gov.in) ನಲ್ಲಿ ವೀಕ್ಷಿಸಬಹುದಾಗಿದೆ. ಒಂದು ವೇಳೆ ತಾಂತ್ರಿಕ ಕಾರಣಗಳಿಂದ ಸದರಿ ಹರಾಜು ಪ್ರಕ್ರಿಯೆಯಲ್ಲಿ ಯಾವುದಾದರೂ ಬದಲಾವಣೆಯಾದಲ್ಲಿ ಸದರಿ ಬದಲಾವಣೆಯ ವಿವರಗಳನ್ನು ಕರ್ನಾಟಕ ಸಾರ್ವಜನಿಕ ಸಂಗ್ರಹಣೆಗಳ ಪೋರ್ಟಲ್‌ನಲ್ಲಿ ಮಾತ್ರ ಪ್ರಕಟಿಸಲಾಗುವುದು.
1	ಹರಾಜು ಕುರಿತು ವಿವರಣೆಗಾಗಿ ಕೊನೆಯ ದಿನಾಂಕ ಮತ್ತು ವೇಳೆ:
Last Date and Time For Submit the Query:	30-01-2025, 5.00 ಘಂಟೆಯವರೆಗೆ
2	ಹರಾಜಿನಲ್ಲಿ ಭಾಗವಹಿಸುವ ಕೊನೆಯ ದಿನಾಂಕ ಮತ್ತು ವೇಳೆ:
Date and Time to confirm participation of interest in Auction:	04-02-2025, 5.00 ಘಂಟೆಯವರೆಗೆ
3	ಹರಾಜಿನ ಆರಂಭದ ದಿನಾಂಕ ಮತ್ತು ವೇಳೆ:
Auction Start Date :	06-02-2025 ಮುಂಜಾನೆ 11.00 ರಿಂದ 4.00 ಘಂಟೆಯವರೆಗೆ.
ಅ.ನಂ.	ಕಾಮಗಾರಿ ಹೆಸರು	ಕನಿಷ್ಠ ಹರಾಜು ಮೊತ್ತ (ರೂ ಗಳಲ್ಲಿ)	ಮುಂಗಡ ಠೇವಣಿ ಹಣ (ರೂ. ಗಳಲ್ಲಿ)	ವಿಲೇವಾರಿ ಕಾಲಾವಧಿ
1	Auction for Scrap Vehicles of City Corporation Belagavi. Auction No.DMA/2024-25/ AUCTION 2188	13,04,600/-	50,000/-	15 ದಿನ
ಸಹಿ/-
ಆಯುಕ್ತರು,
ಮಹಾನಗರ ಪಾಲಿಕೆ ಬೆಳಗಾವಿ.
DIPRO/BGM/RO NO. 1489/2024-25
